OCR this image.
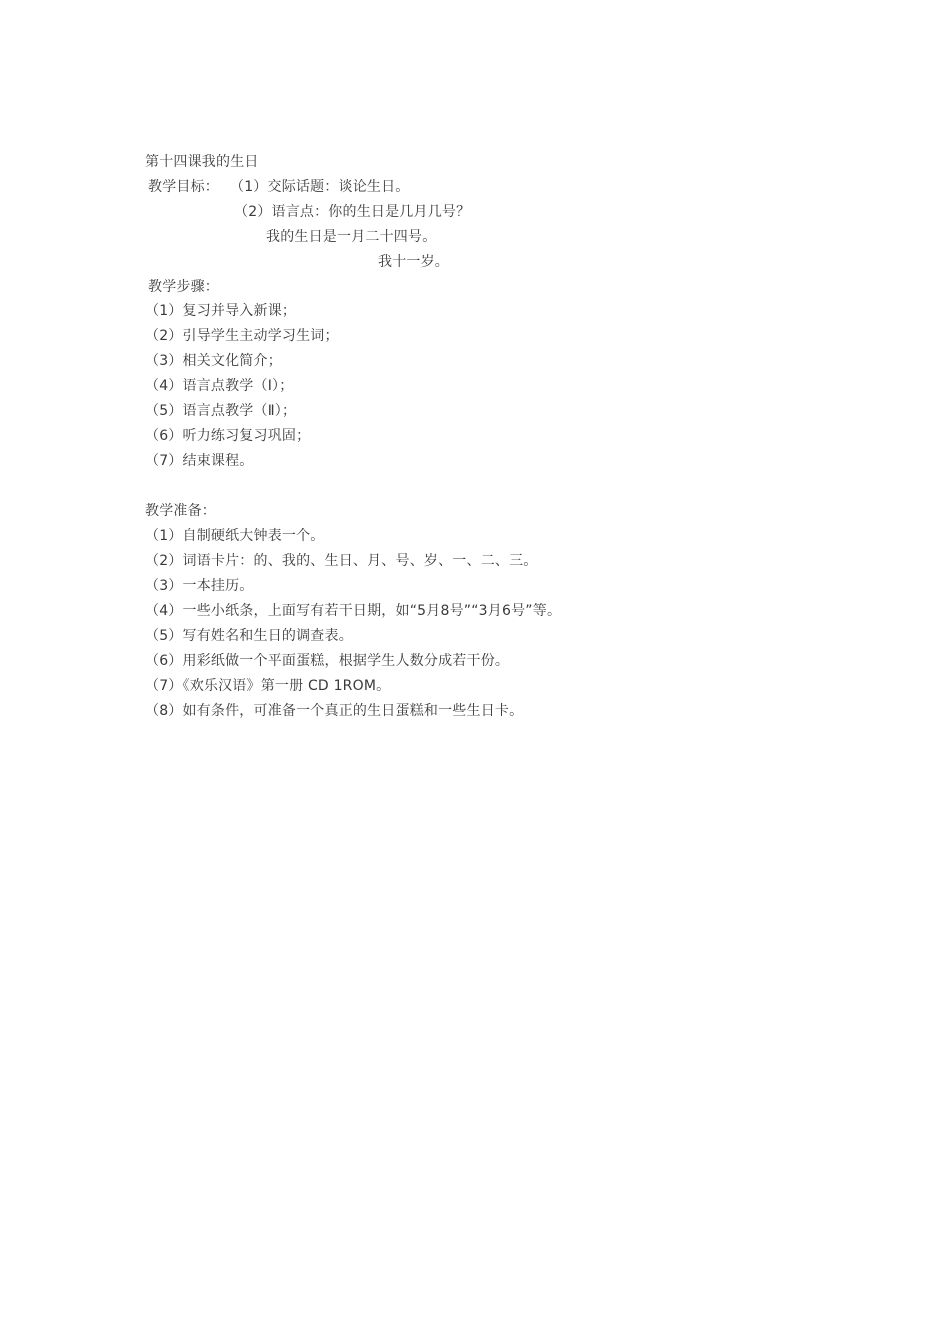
第十四课我的生日
教学目标： （1）交际话题：谈论生日。
（2）语言点：你的生日是几月几号？
我的生日是一月二十四号。
我十一岁。
教学步骤：
（1）复习并导入新课；
（2）引导学生主动学习生词；
（3）相关文化简介；
（4）语言点教学（Ⅰ）；
（5）语言点教学（Ⅱ）；
（6）听力练习复习巩固；
（7）结束课程。
教学准备：
（1）自制硬纸大钟表一个。
（2）词语卡片：的、我的、生日、月、号、岁、一、二、三。
（3）一本挂历。
（4）一些小纸条，上面写有若干日期，如“5月8号”“3月6号”等。
（5）写有姓名和生日的调查表。
（6）用彩纸做一个平面蛋糕，根据学生人数分成若干份。
（7）《欢乐汉语》第一册 CD 1ROM。
（8）如有条件，可准备一个真正的生日蛋糕和一些生日卡。
